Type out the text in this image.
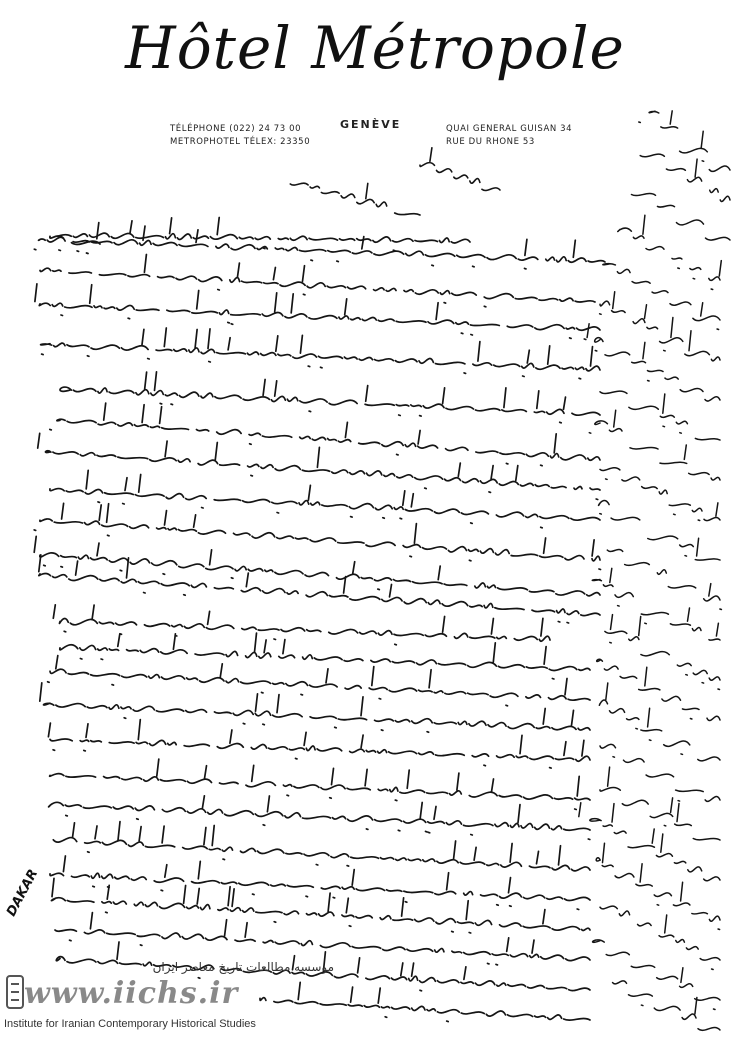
Hôtel Métropole
TÉLÉPHONE (022) 24 73 00
METROPHOTEL TÉLEX: 23350
GENÈVE	QUAI GENERAL GUISAN 34
RUE DU RHONE 53
DAKAR
موسسه مطالعات تاریخ معاصر ایران
www.iichs.ir
Institute for Iranian Contemporary Historical Studies
